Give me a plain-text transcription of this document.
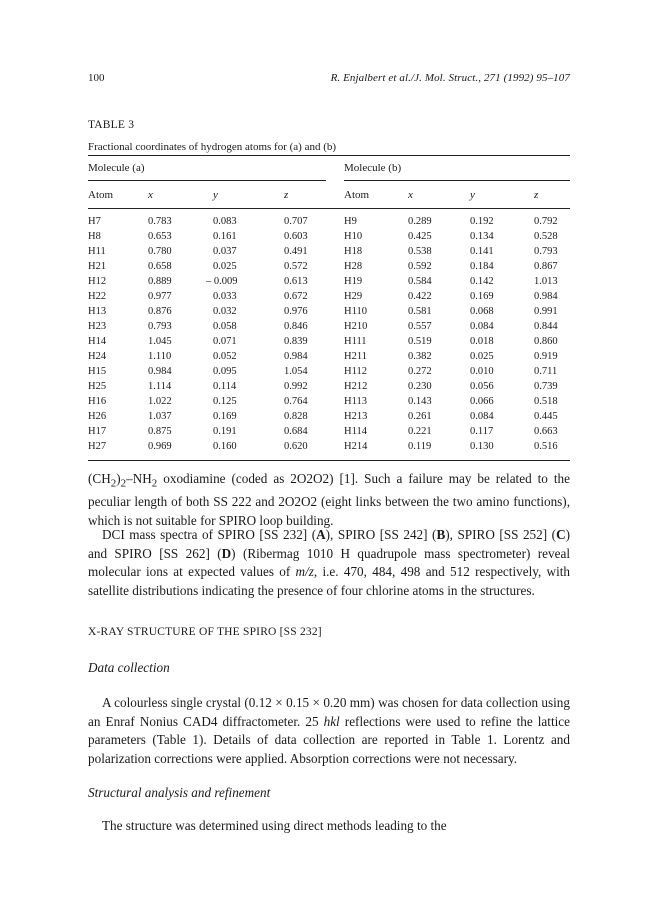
100	R. Enjalbert et al./J. Mol. Struct., 271 (1992) 95–107
TABLE 3
Fractional coordinates of hydrogen atoms for (a) and (b)
Molecule (a)	Molecule (b)
Atom	x	y	z	Atom	x	y	z
H7	0.783	0.083	0.707	H9	0.289	0.192	0.792
H8	0.653	0.161	0.603	H10	0.425	0.134	0.528
H11	0.780	0.037	0.491	H18	0.538	0.141	0.793
H21	0.658	0.025	0.572	H28	0.592	0.184	0.867
H12	0.889	– 0.009	0.613	H19	0.584	0.142	1.013
H22	0.977	0.033	0.672	H29	0.422	0.169	0.984
H13	0.876	0.032	0.976	H110	0.581	0.068	0.991
H23	0.793	0.058	0.846	H210	0.557	0.084	0.844
H14	1.045	0.071	0.839	H111	0.519	0.018	0.860
H24	1.110	0.052	0.984	H211	0.382	0.025	0.919
H15	0.984	0.095	1.054	H112	0.272	0.010	0.711
H25	1.114	0.114	0.992	H212	0.230	0.056	0.739
H16	1.022	0.125	0.764	H113	0.143	0.066	0.518
H26	1.037	0.169	0.828	H213	0.261	0.084	0.445
H17	0.875	0.191	0.684	H114	0.221	0.117	0.663
H27	0.969	0.160	0.620	H214	0.119	0.130	0.516

$(CH_2)_2-NH_2$ oxodiamine (coded as 2O2O2) [1]. Such a failure may be related to the peculiar length of both SS 222 and 2O2O2 (eight links between the two amino functions), which is not suitable for SPIRO loop building.

DCI mass spectra of SPIRO [SS 232] (A), SPIRO [SS 242] (B), SPIRO [SS 252] (C) and SPIRO [SS 262] (D) (Ribermag 1010 H quadrupole mass spectrometer) reveal molecular ions at expected values of m/z, i.e. 470, 484, 498 and 512 respectively, with satellite distributions indicating the presence of four chlorine atoms in the structures.

X-RAY STRUCTURE OF THE SPIRO [SS 232]
Data collection

A colourless single crystal (0.12 × 0.15 × 0.20 mm) was chosen for data collection using an Enraf Nonius CAD4 diffractometer. 25 hkl reflections were used to refine the lattice parameters (Table 1). Details of data collection are reported in Table 1. Lorentz and polarization corrections were applied. Absorption corrections were not necessary.

Structural analysis and refinement

The structure was determined using direct methods leading to the
